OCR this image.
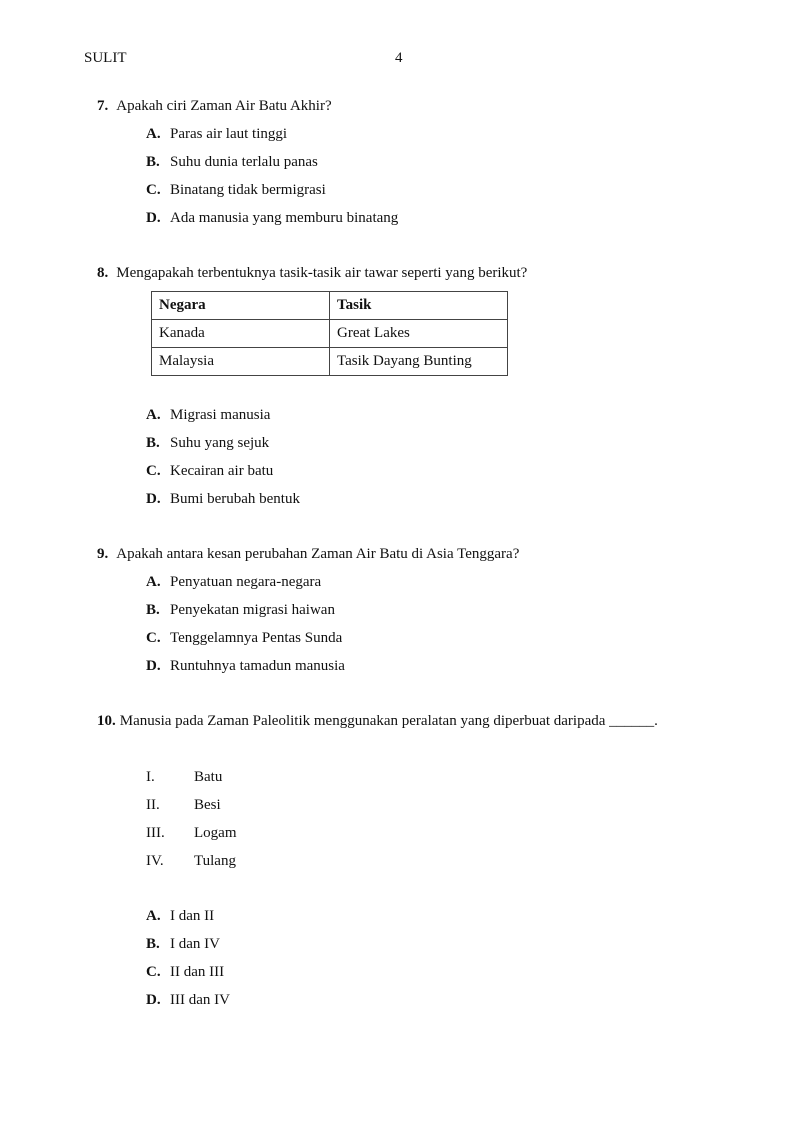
SULIT	4
7. Apakah ciri Zaman Air Batu Akhir?
A. Paras air laut tinggi
B. Suhu dunia terlalu panas
C. Binatang tidak bermigrasi
D. Ada manusia yang memburu binatang
8. Mengapakah terbentuknya tasik-tasik air tawar seperti yang berikut?
Negara	Tasik
Kanada	Great Lakes
Malaysia	Tasik Dayang Bunting
A. Migrasi manusia
B. Suhu yang sejuk
C. Kecairan air batu
D. Bumi berubah bentuk
9. Apakah antara kesan perubahan Zaman Air Batu di Asia Tenggara?
A. Penyatuan negara-negara
B. Penyekatan migrasi haiwan
C. Tenggelamnya Pentas Sunda
D. Runtuhnya tamadun manusia
10. Manusia pada Zaman Paleolitik menggunakan peralatan yang diperbuat daripada ______.
I.	Batu
II. Besi
III. Logam
IV. Tulang
A. I dan II
B. I dan IV
C. II dan III
D. III dan IV
